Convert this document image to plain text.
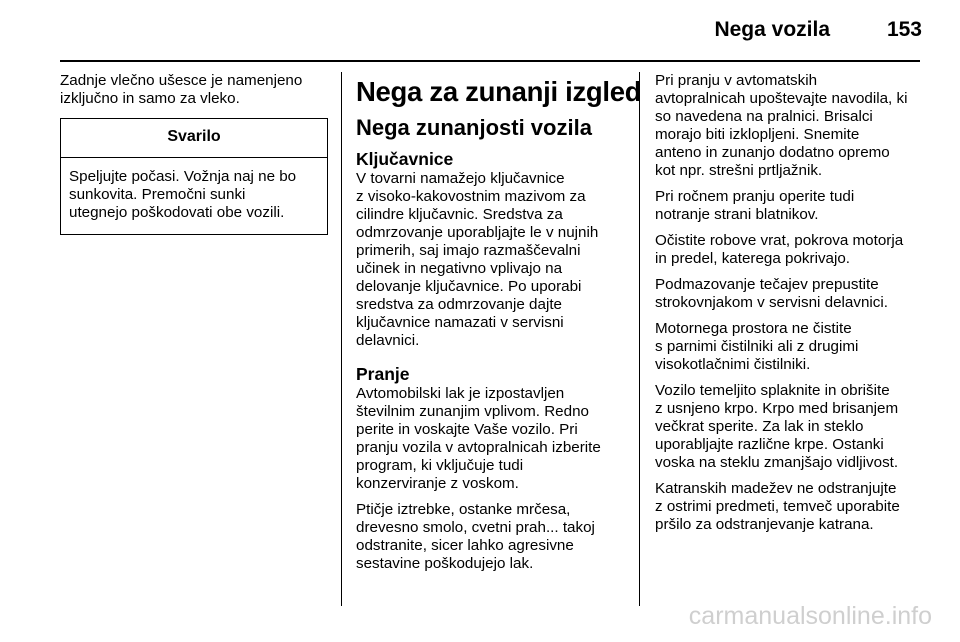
Nega vozila	153

Zadnje vlečno ušesce je namenjeno
izključno in samo za vleko.

Svarilo
Speljujte počasi. Vožnja naj ne bo
sunkovita. Premočni sunki
utegnejo poškodovati obe vozili.
Nega za zunanji izgled
Nega zunanjosti vozila
Ključavnice

V tovarni namažejo ključavnice
z visoko-kakovostnim mazivom za
cilindre ključavnic. Sredstva za
odmrzovanje uporabljajte le v nujnih
primerih, saj imajo razmaščevalni
učinek in negativno vplivajo na
delovanje ključavnice. Po uporabi
sredstva za odmrzovanje dajte
ključavnice namazati v servisni
delavnici.

Pranje

Avtomobilski lak je izpostavljen
številnim zunanjim vplivom. Redno
perite in voskajte Vaše vozilo. Pri
pranju vozila v avtopralnicah izberite
program, ki vključuje tudi
konzerviranje z voskom.

Ptičje iztrebke, ostanke mrčesa,
drevesno smolo, cvetni prah... takoj
odstranite, sicer lahko agresivne
sestavine poškodujejo lak.

Pri pranju v avtomatskih
avtopralnicah upoštevajte navodila, ki
so navedena na pralnici. Brisalci
morajo biti izklopljeni. Snemite
anteno in zunanjo dodatno opremo
kot npr. strešni prtljažnik.

Pri ročnem pranju operite tudi
notranje strani blatnikov.

Očistite robove vrat, pokrova motorja
in predel, katerega pokrivajo.

Podmazovanje tečajev prepustite
strokovnjakom v servisni delavnici.

Motornega prostora ne čistite
s parnimi čistilniki ali z drugimi
visokotlačnimi čistilniki.

Vozilo temeljito splaknite in obrišite
z usnjeno krpo. Krpo med brisanjem
večkrat sperite. Za lak in steklo
uporabljajte različne krpe. Ostanki
voska na steklu zmanjšajo vidljivost.

Katranskih madežev ne odstranjujte
z ostrimi predmeti, temveč uporabite
pršilo za odstranjevanje katrana.

carmanualsonline.info
